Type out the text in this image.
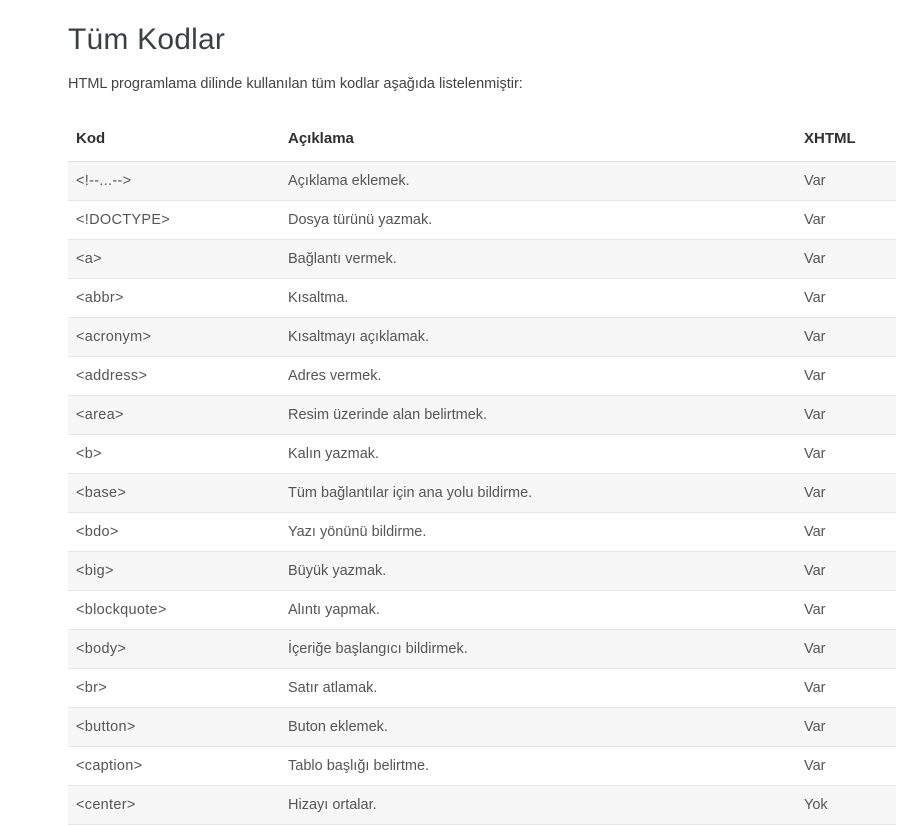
Tüm Kodlar

HTML programlama dilinde kullanılan tüm kodlar aşağıda listelenmiştir:

Kod	Açıklama	XHTML
<!--...-->	Açıklama eklemek.	Var
<!DOCTYPE>	Dosya türünü yazmak.	Var
<a>	Bağlantı vermek.	Var
<abbr>	Kısaltma.	Var
<acronym>	Kısaltmayı açıklamak.	Var
<address>	Adres vermek.	Var
<area>	Resim üzerinde alan belirtmek.	Var
<b>	Kalın yazmak.	Var
<base>	Tüm bağlantılar için ana yolu bildirme.	Var
<bdo>	Yazı yönünü bildirme.	Var
<big>	Büyük yazmak.	Var
<blockquote>	Alıntı yapmak.	Var
<body>	İçeriğe başlangıcı bildirmek.	Var
<br>	Satır atlamak.	Var
<button>	Buton eklemek.	Var
<caption>	Tablo başlığı belirtme.	Var
<center>	Hizayı ortalar.	Yok
